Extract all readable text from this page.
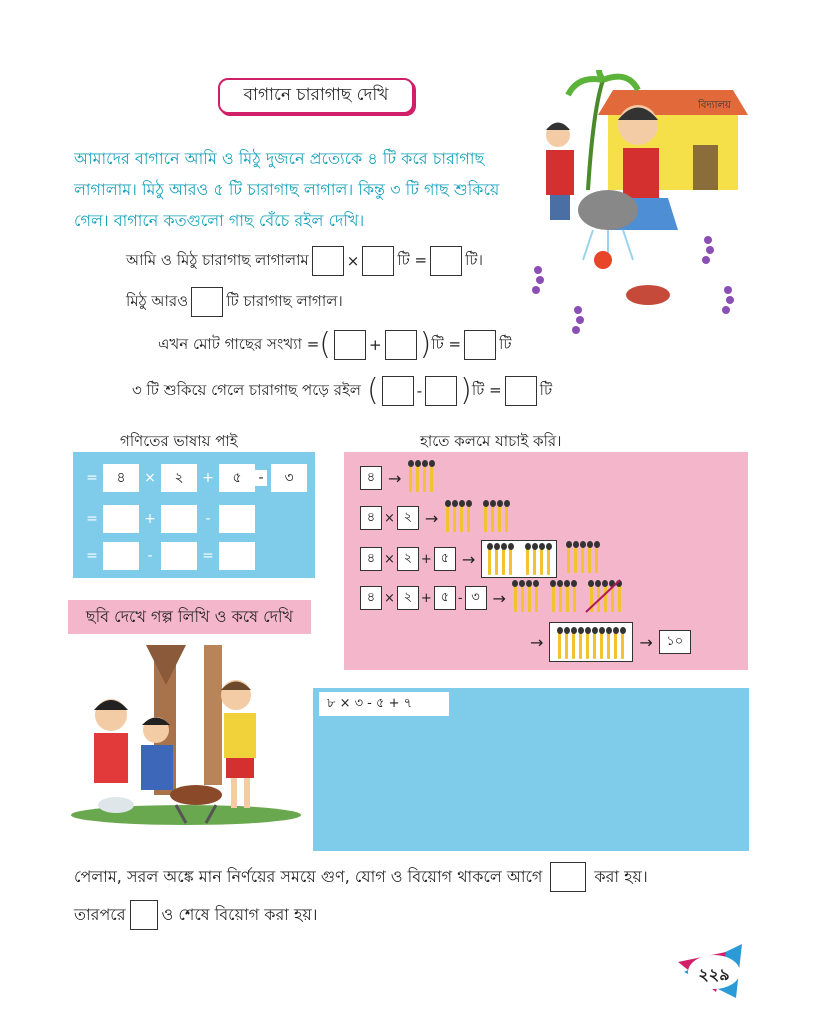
বাগানে চারাগাছ দেখি
আমাদের বাগানে আমি ও মিঠু দুজনে প্রত্যেকে ৪ টি করে চারাগাছ লাগালাম। মিঠু আরও ৫ টি চারাগাছ লাগাল। কিন্তু ৩ টি গাছ শুকিয়ে গেল। বাগানে কতগুলো গাছ বেঁচে রইল দেখি।
বিদ্যালয়
আমি ও মিঠু চারাগাছ লাগালাম	×	টি =	টি।
মিঠু আরও	টি চারাগাছ লাগাল।
এখন মোট গাছের সংখ্যা = (	+ ) টি =	টি
৩ টি শুকিয়ে গেলে চারাগাছ পড়ে রইল (	- ) টি =	টি
গণিতের ভাষায় পাই
=	৪	×	২	+	৫	-	৩
=	+	-
=	-	=
হাতে কলমে যাচাই করি।
৪ →
৪ × ২ →
৪ × ২ + ৫ →
৪ × ২ + ৫ - ৩ →
→	→	১০
ছবি দেখে গল্প লিখি ও কষে দেখি
৮ × ৩ - ৫ + ৭
পেলাম, সরল অঙ্কে মান নির্ণয়ের সময়ে গুণ, যোগ ও বিয়োগ থাকলে আগে	করা হয়।
তারপরে ও শেষে বিয়োগ করা হয়।
২২৯
